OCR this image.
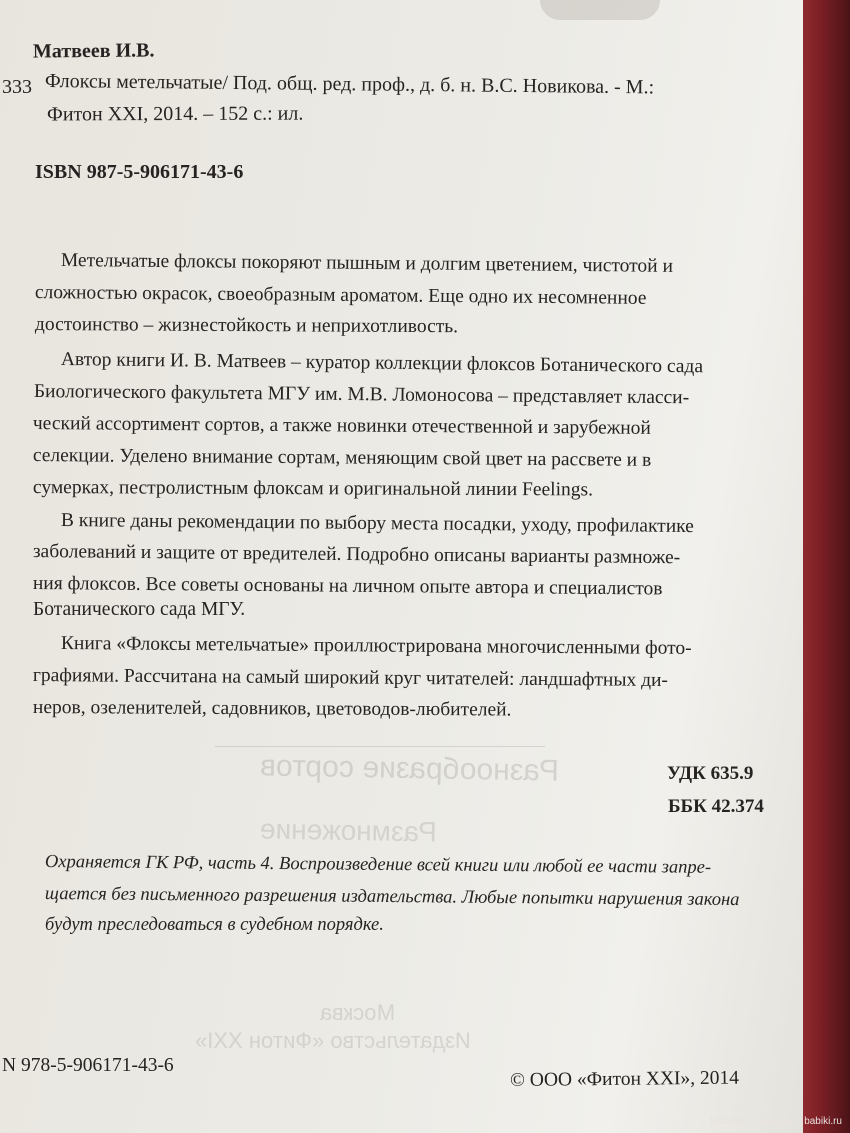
Разнообразие сортов
Размножение
Москва
Издательство «Фитон XXI»
Матвеев И.В.
333 Флоксы метельчатые/ Под. общ. ред. проф., д. б. н. В.С. Новикова. - М.:
Фитон XXI, 2014. – 152 с.: ил.
ISBN 987-5-906171-43-6
Метельчатые флоксы покоряют пышным и долгим цветением, чистотой и
сложностью окрасок, своеобразным ароматом. Еще одно их несомненное
достоинство – жизнестойкость и неприхотливость.
Автор книги И. В. Матвеев – куратор коллекции флоксов Ботанического сада
Биологического факультета МГУ им. М.В. Ломоносова – представляет класси-
ческий ассортимент сортов, а также новинки отечественной и зарубежной
селекции. Уделено внимание сортам, меняющим свой цвет на рассвете и в
сумерках, пестролистным флоксам и оригинальной линии Feelings.
В книге даны рекомендации по выбору места посадки, уходу, профилактике
заболеваний и защите от вредителей. Подробно описаны варианты размноже-
ния флоксов. Все советы основаны на личном опыте автора и специалистов
Ботанического сада МГУ.
Книга «Флоксы метельчатые» проиллюстрирована многочисленными фото-
графиями. Рассчитана на самый широкий круг читателей: ландшафтных ди-
неров, озеленителей, садовников, цветоводов-любителей.
УДК 635.9
ББК 42.374
Охраняется ГК РФ, часть 4. Воспроизведение всей книги или любой ее части запре-
щается без письменного разрешения издательства. Любые попытки нарушения закона
будут преследоваться в судебном порядке.
N 978-5-906171-43-6
© ООО «Фитон XXI», 2014
lubianka • Бэйбики • babiki.ru
